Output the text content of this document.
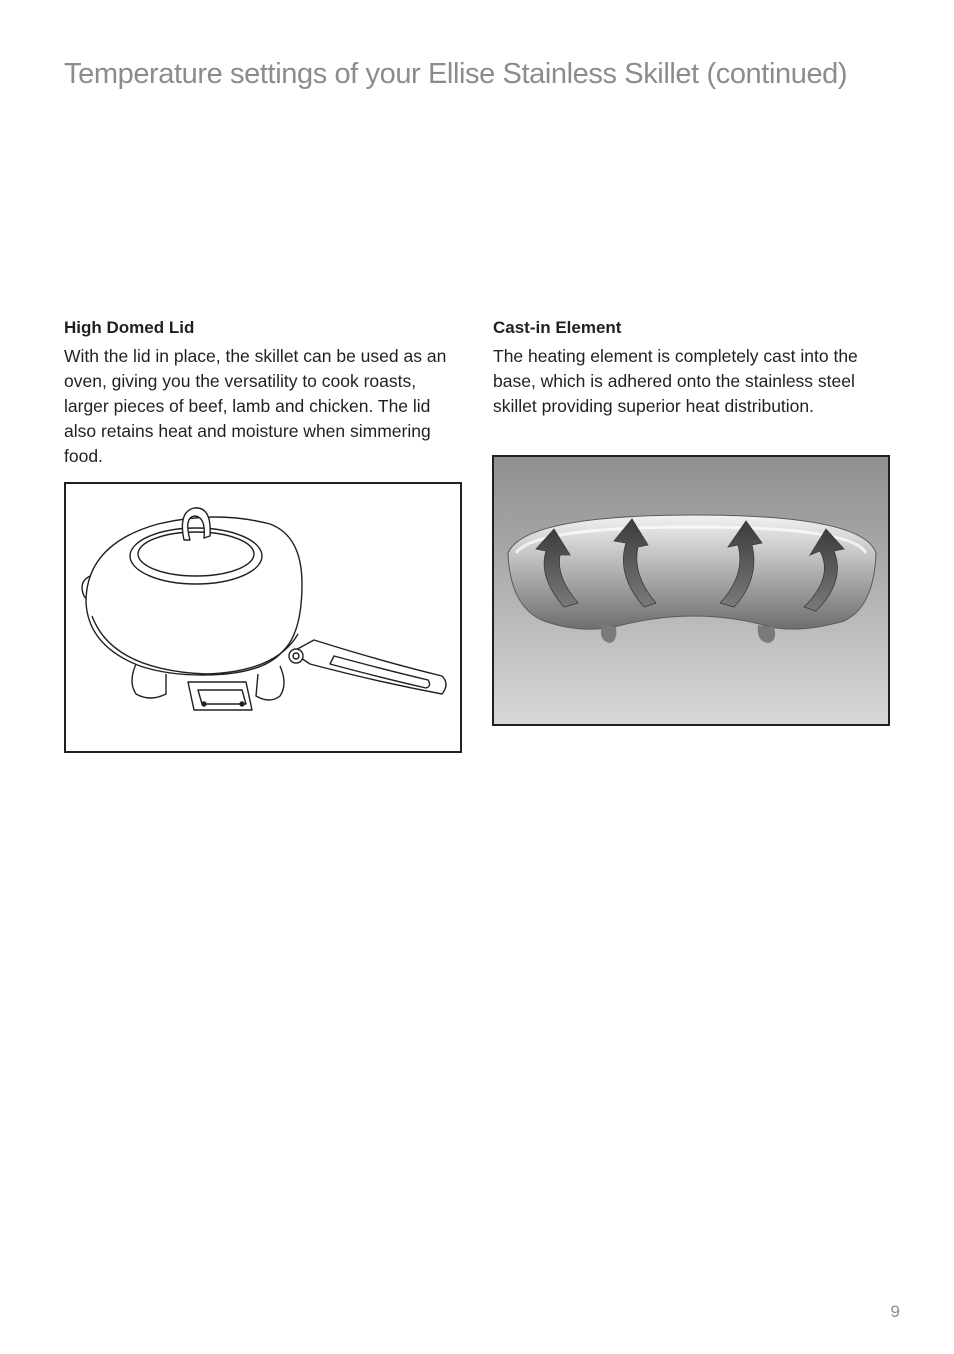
Temperature settings of your Ellise Stainless Skillet (continued)
High Domed Lid

With the lid in place, the skillet can be used as an oven, giving you the versatility to cook roasts, larger pieces of beef, lamb and chicken. The lid also retains heat and moisture when simmering food.

Cast-in Element

The heating element is completely cast into the base, which is adhered onto the stainless steel skillet providing superior heat distribution.

9
